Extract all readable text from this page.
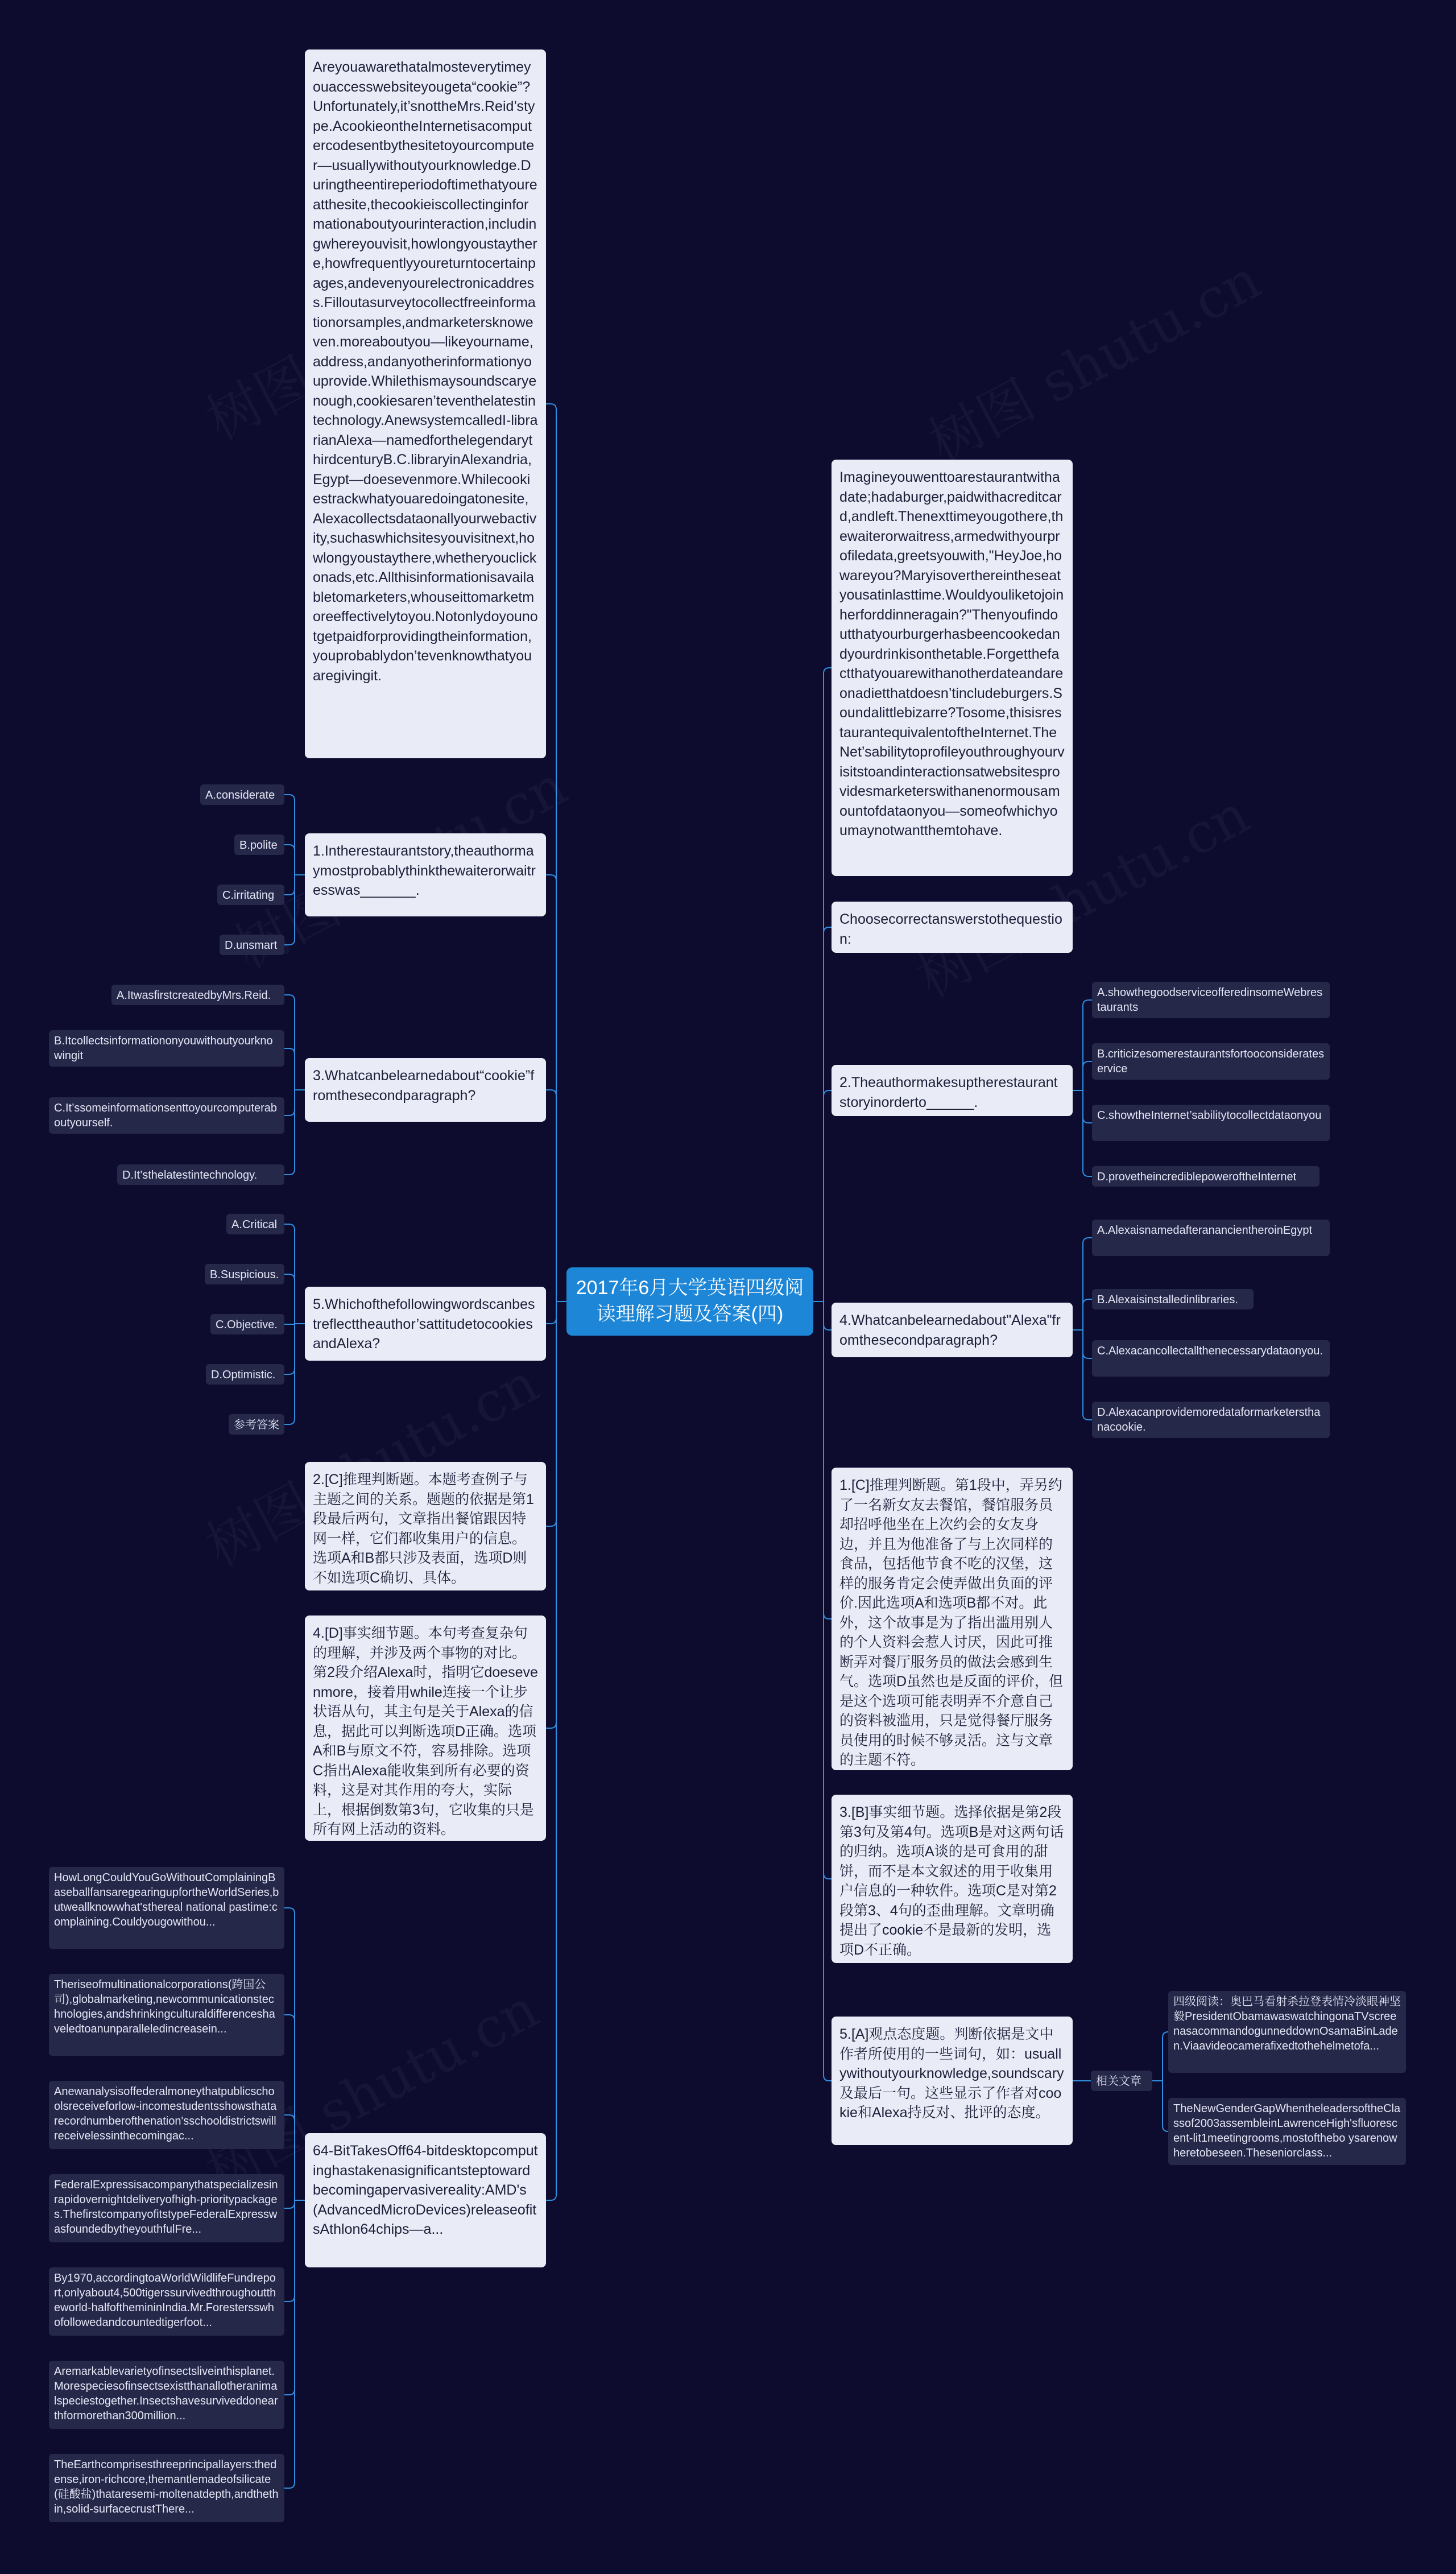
2017年6月大学英语四级阅读理解习题及答案(四)
Areyouawarethatalmosteverytimeyouaccesswebsiteyougeta“cookie”?Unfortunately,it’snottheMrs.Reid’stype.AcookieontheInternetisacomputercodesentbythesitetoyourcomputer—usuallywithoutyourknowledge.Duringtheentireperiodoftimethatyoureatthesite,thecookieiscollectinginformationaboutyourinteraction,includingwhereyouvisit,howlongyoustaythere,howfrequentlyyoureturntocertainpages,andevenyourelectronicaddress.Filloutasurveytocollectfreeinformationorsamples,andmarketersknoweven.moreaboutyou—likeyourname,address,andanyotherinformationyouprovide.Whilethismaysoundscaryenough,cookiesaren’teventhelatestintechnology.AnewsystemcalledI-librarianAlexa—namedforthelegendarythirdcenturyB.C.libraryinAlexandria,Egypt—doesevenmore.Whilecookiestrackwhatyouaredoingatonesite,Alexacollectsdataonallyourwebactivity,suchaswhichsitesyouvisitnext,howlongyoustaythere,whetheryouclickonads,etc.Allthisinformationisavailabletomarketers,whouseittomarketmoreeffectivelytoyou.Notonlydoyounotgetpaidforprovidingtheinformation,youprobablydon’tevenknowthatyouaregivingit.
1.Intherestaurantstory,theauthormaymostprobablythinkthewaiterorwaitresswas_______.
A.considerate
B.polite
C.irritating
D.unsmart
3.Whatcanbelearnedabout“cookie”fromthesecondparagraph?
A.ItwasfirstcreatedbyMrs.Reid.
B.Itcollectsinformationonyouwithoutyourknowingit
C.It’ssomeinformationsenttoyourcomputeraboutyourself.
D.It’sthelatestintechnology.
5.Whichofthefollowingwordscanbestreflecttheauthor’sattitudetocookiesandAlexa?
A.Critical
B.Suspicious.
C.Objective.
D.Optimistic.
参考答案
2.[C]推理判断题。本题考查例子与主题之间的关系。题题的依据是第1段最后两句，文章指出餐馆跟因特网一样，它们都收集用户的信息。选项A和B都只涉及表面，选项D则不如选项C确切、具体。
4.[D]事实细节题。本句考查复杂句的理解，并涉及两个事物的对比。第2段介绍Alexa时，指明它doesevenmore，接着用while连接一个让步状语从句，其主句是关于Alexa的信息，据此可以判断选项D正确。选项A和B与原文不符，容易排除。选项C指出Alexa能收集到所有必要的资料，这是对其作用的夸大，实际上，根据倒数第3句，它收集的只是所有网上活动的资料。
64-BitTakesOff64-bitdesktopcomputinghastakenasignificantsteptowardbecomingapervasivereality:AMD's(AdvancedMicroDevices)releaseofitsAthlon64chips—a...
HowLongCouldYouGoWithoutComplainingBaseballfansaregearingupfortheWorldSeries,butweallknowwhat'sthereal national pastime:complaining.Couldyougowithou...
Theriseofmultinationalcorporations(跨国公司),globalmarketing,newcommunicationstechnologies,andshrinkingculturaldifferenceshaveledtoanunparalleledincreasein...
Anewanalysisoffederalmoneythatpublicschoolsreceiveforlow-incomestudentsshowsthatarecordnumberofthenation'sschooldistrictswillreceivelessinthecomingac...
FederalExpressisacompanythatspecializesinrapidovernightdeliveryofhigh-prioritypackages.ThefirstcompanyofitstypeFederalExpresswasfoundedbytheyouthfulFre...
By1970,accordingtoaWorldWildlifeFundreport,onlyabout4,500tigerssurvivedthroughouttheworld-halfofthemininIndia.Mr.Forestersswhofollowedandcountedtigerfoot...
Aremarkablevarietyofinsectsliveinthisplanet.Morespeciesofinsectsexistthanallotheranimalspeciestogether.Insectshavesurviveddonearthformorethan300million...
TheEarthcomprisesthreeprincipallayers:thedense,iron-richcore,themantlemadeofsilicate(硅酸盐)thataresemi-moltenatdepth,andthethin,solid-surfacecrustThere...
Imagineyouwenttoarestaurantwithadate;hadaburger,paidwithacreditcard,andleft.Thenexttimeyougothere,thewaiterorwaitress,armedwithyourprofiledata,greetsyouwith,"HeyJoe,howareyou?Maryisoverthereintheseatyousatinlasttime.Wouldyouliketojoinherforddinneragain?"Thenyoufindoutthatyourburgerhasbeencookedandyourdrinkisonthetable.Forgetthefactthatyouarewithanotherdateandareonadietthatdoesn’tincludeburgers.Soundalittlebizarre?Tosome,thisisrestaurantequivalentoftheInternet.TheNet’sabilitytoprofileyouthroughyourvisitstoandinteractionsatwebsitesprovidesmarketerswithanenormousamountofdataonyou—someofwhichyoumaynotwantthemtohave.
Choosecorrectanswerstothequestion:
2.Theauthormakesuptherestaurantstoryinorderto______.
A.showthegoodserviceofferedinsomeWebrestaurants
B.criticizesomerestaurantsfortooconsiderateservice
C.showtheInternet’sabilitytocollectdataonyou
D.provetheincrediblepoweroftheInternet
4.Whatcanbelearnedabout"Alexa"fromthesecondparagraph?
A.AlexaisnamedafteranancientheroinEgypt
B.Alexaisinstalledinlibraries.
C.Alexacancollectallthenecessarydataonyou.
D.Alexacanprovidemoredataformarketersthanacookie.
1.[C]推理判断题。第1段中，弄另约了一名新女友去餐馆，餐馆服务员却招呼他坐在上次约会的女友身边，并且为他准备了与上次同样的食品，包括他节食不吃的汉堡，这样的服务肯定会使弄做出负面的评价.因此选项A和选项B都不对。此外，这个故事是为了指出滥用别人的个人资料会惹人讨厌，因此可推断弄对餐厅服务员的做法会感到生气。选项D虽然也是反面的评价，但是这个选项可能表明弄不介意自己的资料被滥用，只是觉得餐厅服务员使用的时候不够灵活。这与文章的主题不符。
3.[B]事实细节题。选择依据是第2段第3句及第4句。选项B是对这两句话的归纳。选项A谈的是可食用的甜饼，而不是本文叙述的用于收集用户信息的一种软件。选项C是对第2段第3、4句的歪曲理解。文章明确提出了cookie不是最新的发明，选项D不正确。
5.[A]观点态度题。判断依据是文中作者所使用的一些词句，如：usuallywithoutyourknowledge,soundscary及最后一句。这些显示了作者对cookie和Alexa持反对、批评的态度。
相关文章
四级阅读：奥巴马看射杀拉登表情冷淡眼神坚毅PresidentObamawaswatchingonaTVscreenasacommandogunneddownOsamaBinLaden.Viaavideocamerafixedtothehelmetofa...
TheNewGenderGapWhentheleadersoftheClassof2003assembleinLawrenceHigh'sfluorescent-lit1meetingrooms,mostofthebo ysarenowheretobeseen.Theseniorclass...
